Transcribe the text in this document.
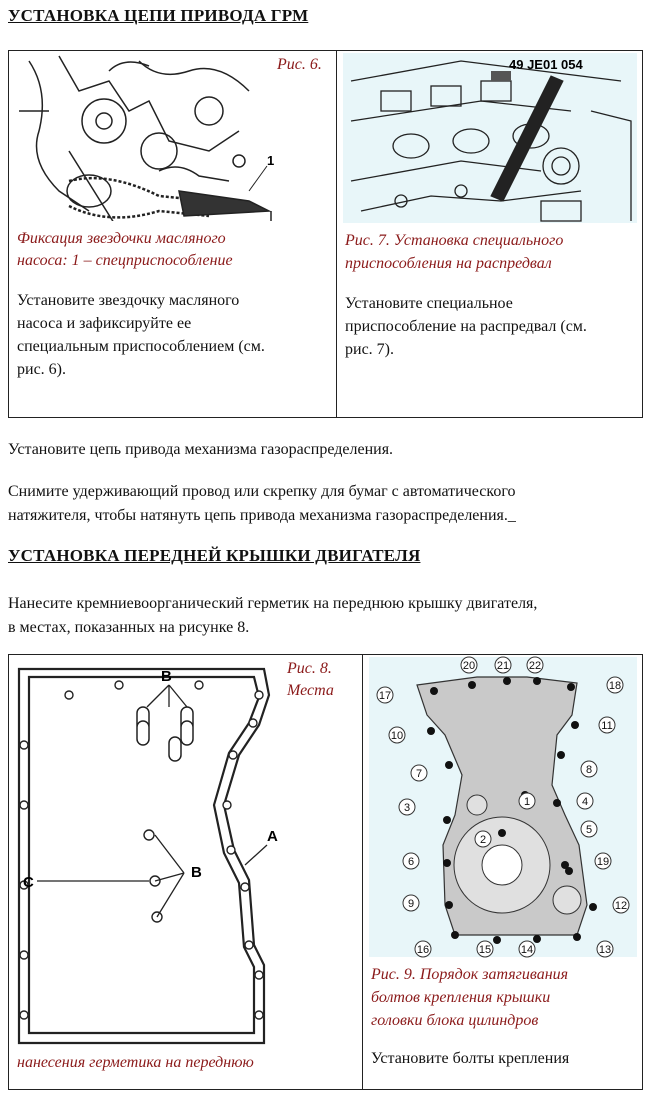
УСТАНОВКА ЦЕПИ ПРИВОДА ГРМ
1
Рис. 6.
Фиксация звездочки масляного
насоса: 1 – спецприспособление
Установите звездочку масляного
насоса и зафиксируйте ее
специальным приспособлением (см.
рис. 6).
49 JE01 054
Рис. 7. Установка специального
приспособления на распредвал
Установите специальное
приспособление на распредвал (см.
рис. 7).
Установите цепь привода механизма газораспределения.
Снимите удерживающий провод или скрепку для бумаг с автоматического
натяжителя, чтобы натянуть цепь привода механизма газораспределения._
УСТАНОВКА ПЕРЕДНЕЙ КРЫШКИ ДВИГАТЕЛЯ
Нанесите кремниевоорганический герметик на переднюю крышку двигателя,
в местах, показанных на рисунке 8.
B
B
C
A
Рис. 8.
Места
нанесения герметика на переднюю
1
2
3	4
5
6
7	8
9
10
11
12
13
14
15
16
17
18
19
20 21 22
Рис. 9. Порядок затягивания
болтов крепления крышки
головки блока цилиндров
Установите болты крепления
